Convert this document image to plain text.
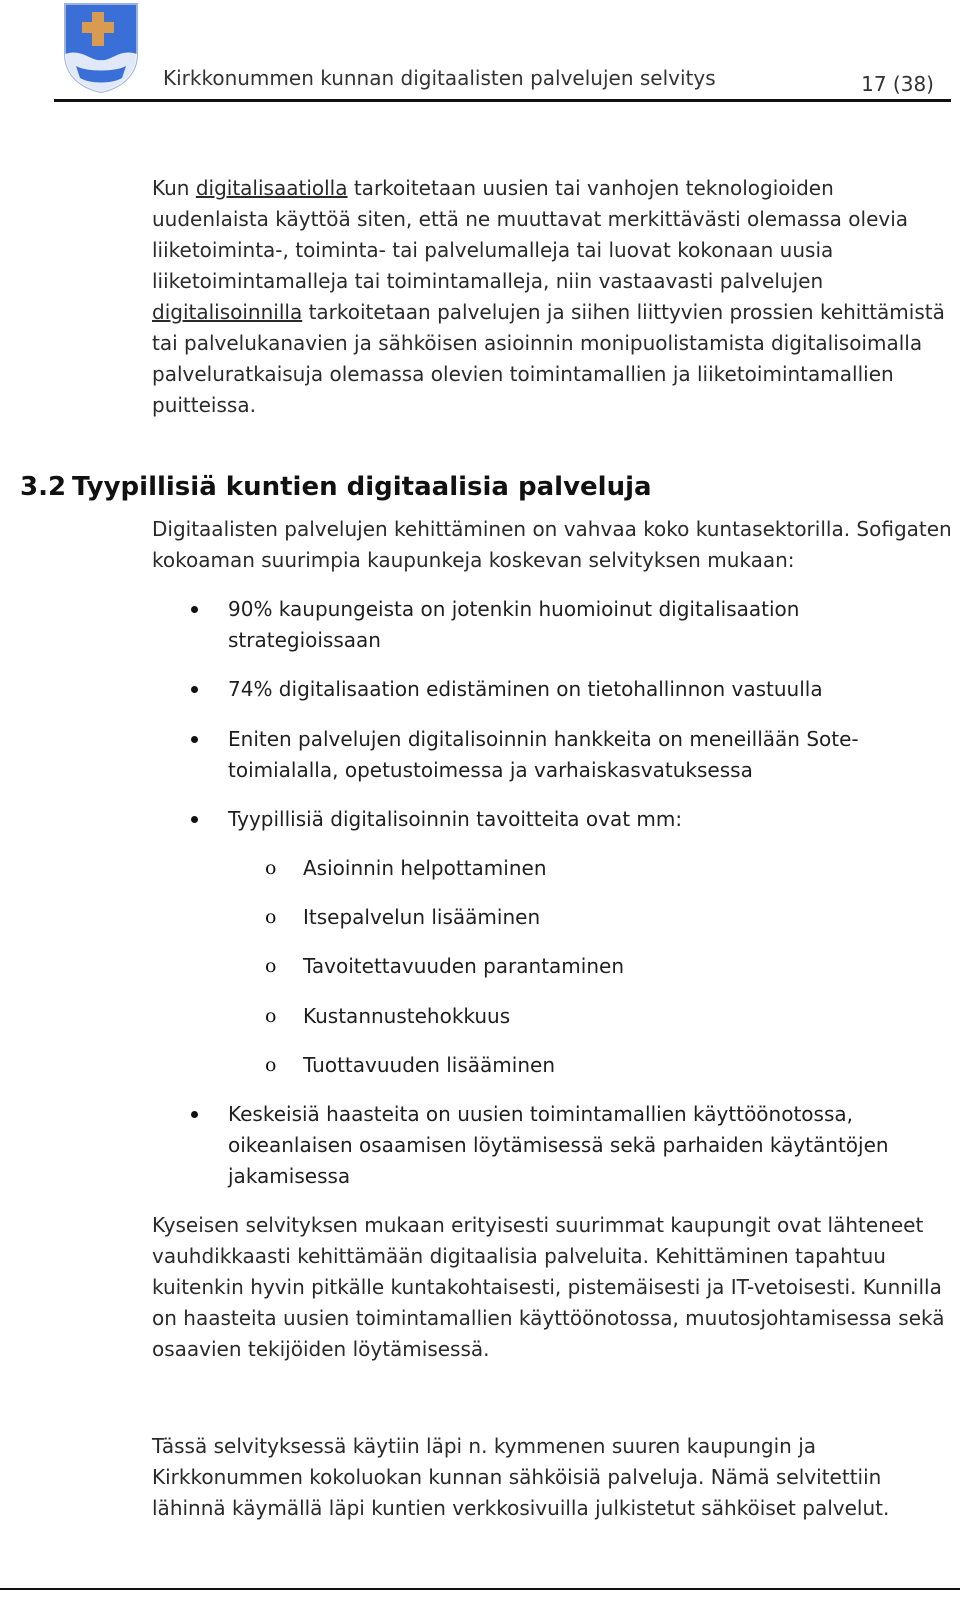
Kirkkonummen kunnan digitaalisten palvelujen selvitys	17 (38)

Kun digitalisaatiolla tarkoitetaan uusien tai vanhojen teknologioiden uudenlaista käyttöä siten, että ne muuttavat merkittävästi olemassa olevia liiketoiminta-, toiminta- tai palvelumalleja tai luovat kokonaan uusia liiketoimintamalleja tai toimintamalleja, niin vastaavasti palvelujen digitalisoinnilla tarkoitetaan palvelujen ja siihen liittyvien prossien kehittämistä tai palvelukanavien ja sähköisen asioinnin monipuolistamista digitalisoimalla palveluratkaisuja olemassa olevien toimintamallien ja liiketoimintamallien puitteissa.

3.2 Tyypillisiä kuntien digitaalisia palveluja

Digitaalisten palvelujen kehittäminen on vahvaa koko kuntasektorilla. Sofigaten kokoaman suurimpia kaupunkeja koskevan selvityksen mukaan:

90% kaupungeista on jotenkin huomioinut digitalisaation strategioissaan
74% digitalisaation edistäminen on tietohallinnon vastuulla
Eniten palvelujen digitalisoinnin hankkeita on meneillään Sote-toimialalla, opetustoimessa ja varhaiskasvatuksessa
Tyypillisiä digitalisoinnin tavoitteita ovat mm:
o Asioinnin helpottaminen
o Itsepalvelun lisääminen
o Tavoitettavuuden parantaminen
o Kustannustehokkuus
o Tuottavuuden lisääminen
Keskeisiä haasteita on uusien toimintamallien käyttöönotossa, oikeanlaisen osaamisen löytämisessä sekä parhaiden käytäntöjen jakamisessa

Kyseisen selvityksen mukaan erityisesti suurimmat kaupungit ovat lähteneet vauhdikkaasti kehittämään digitaalisia palveluita. Kehittäminen tapahtuu kuitenkin hyvin pitkälle kuntakohtaisesti, pistemäisesti ja IT-vetoisesti. Kunnilla on haasteita uusien toimintamallien käyttöönotossa, muutosjohtamisessa sekä osaavien tekijöiden löytämisessä.

Tässä selvityksessä käytiin läpi n. kymmenen suuren kaupungin ja Kirkkonummen kokoluokan kunnan sähköisiä palveluja. Nämä selvitettiin lähinnä käymällä läpi kuntien verkkosivuilla julkistetut sähköiset palvelut.
